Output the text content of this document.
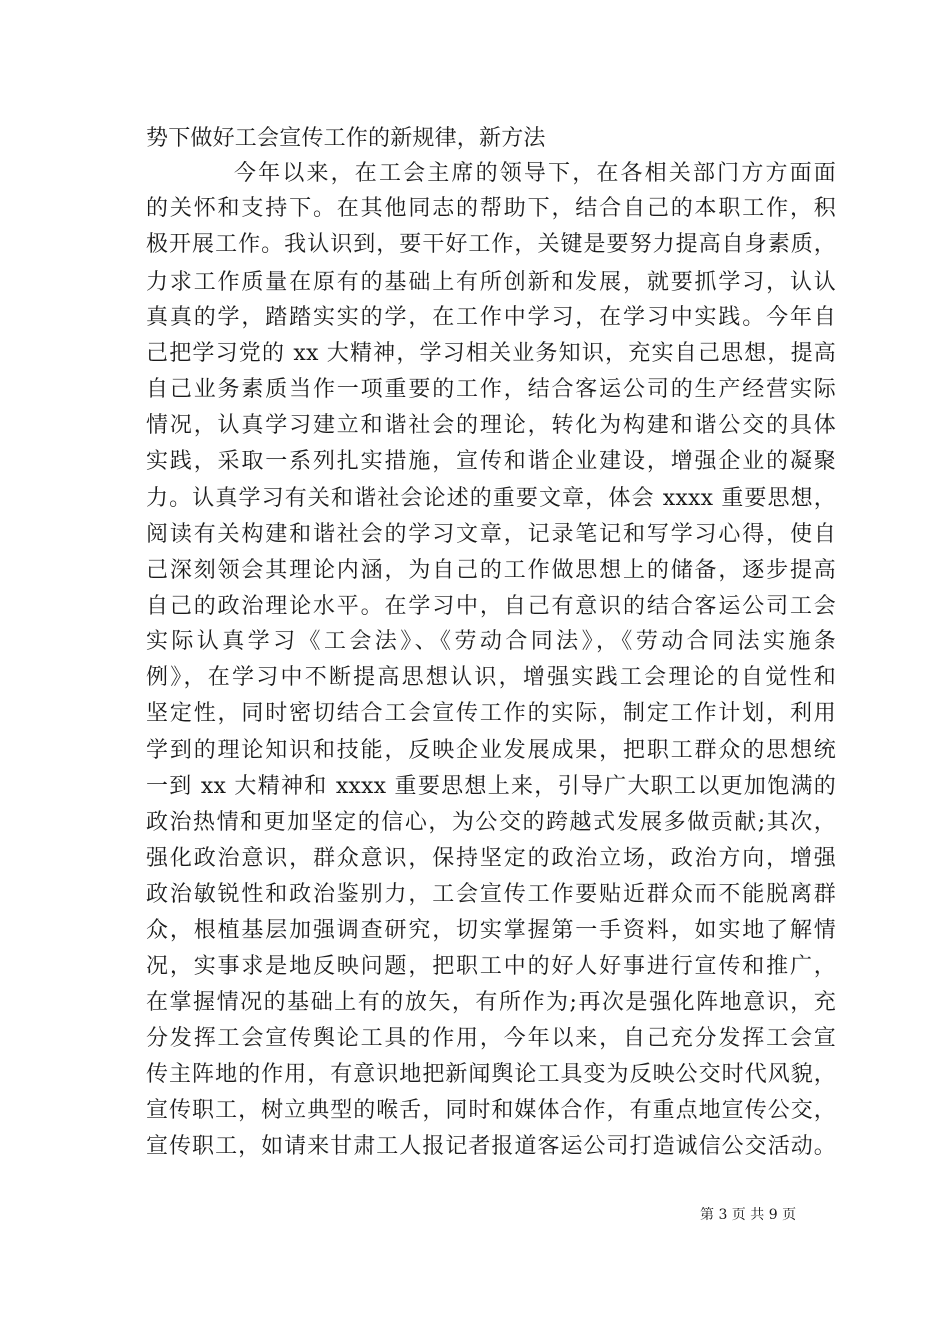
势下做好工会宣传工作的新规律，新方法
今年以来，在工会主席的领导下，在各相关部门方方面面
的关怀和支持下。在其他同志的帮助下，结合自己的本职工作，积
极开展工作。我认识到，要干好工作，关键是要努力提高自身素质，
力求工作质量在原有的基础上有所创新和发展，就要抓学习，认认
真真的学，踏踏实实的学，在工作中学习，在学习中实践。今年自
己把学习党的 xx 大精神，学习相关业务知识，充实自己思想，提高
自己业务素质当作一项重要的工作，结合客运公司的生产经营实际
情况，认真学习建立和谐社会的理论，转化为构建和谐公交的具体
实践，采取一系列扎实措施，宣传和谐企业建设，增强企业的凝聚
力。认真学习有关和谐社会论述的重要文章，体会 xxxx 重要思想，
阅读有关构建和谐社会的学习文章，记录笔记和写学习心得，使自
己深刻领会其理论内涵，为自己的工作做思想上的储备，逐步提高
自己的政治理论水平。在学习中，自己有意识的结合客运公司工会
实际认真学习《工会法》、《劳动合同法》，《劳动合同法实施条
例》，在学习中不断提高思想认识，增强实践工会理论的自觉性和
坚定性，同时密切结合工会宣传工作的实际，制定工作计划，利用
学到的理论知识和技能，反映企业发展成果，把职工群众的思想统
一到 xx 大精神和 xxxx 重要思想上来，引导广大职工以更加饱满的
政治热情和更加坚定的信心，为公交的跨越式发展多做贡献;其次，
强化政治意识，群众意识，保持坚定的政治立场，政治方向，增强
政治敏锐性和政治鉴别力，工会宣传工作要贴近群众而不能脱离群
众，根植基层加强调查研究，切实掌握第一手资料，如实地了解情
况，实事求是地反映问题，把职工中的好人好事进行宣传和推广，
在掌握情况的基础上有的放矢，有所作为;再次是强化阵地意识，充
分发挥工会宣传舆论工具的作用，今年以来，自己充分发挥工会宣
传主阵地的作用，有意识地把新闻舆论工具变为反映公交时代风貌，
宣传职工，树立典型的喉舌，同时和媒体合作，有重点地宣传公交，
宣传职工，如请来甘肃工人报记者报道客运公司打造诚信公交活动。
第 3 页 共 9 页
